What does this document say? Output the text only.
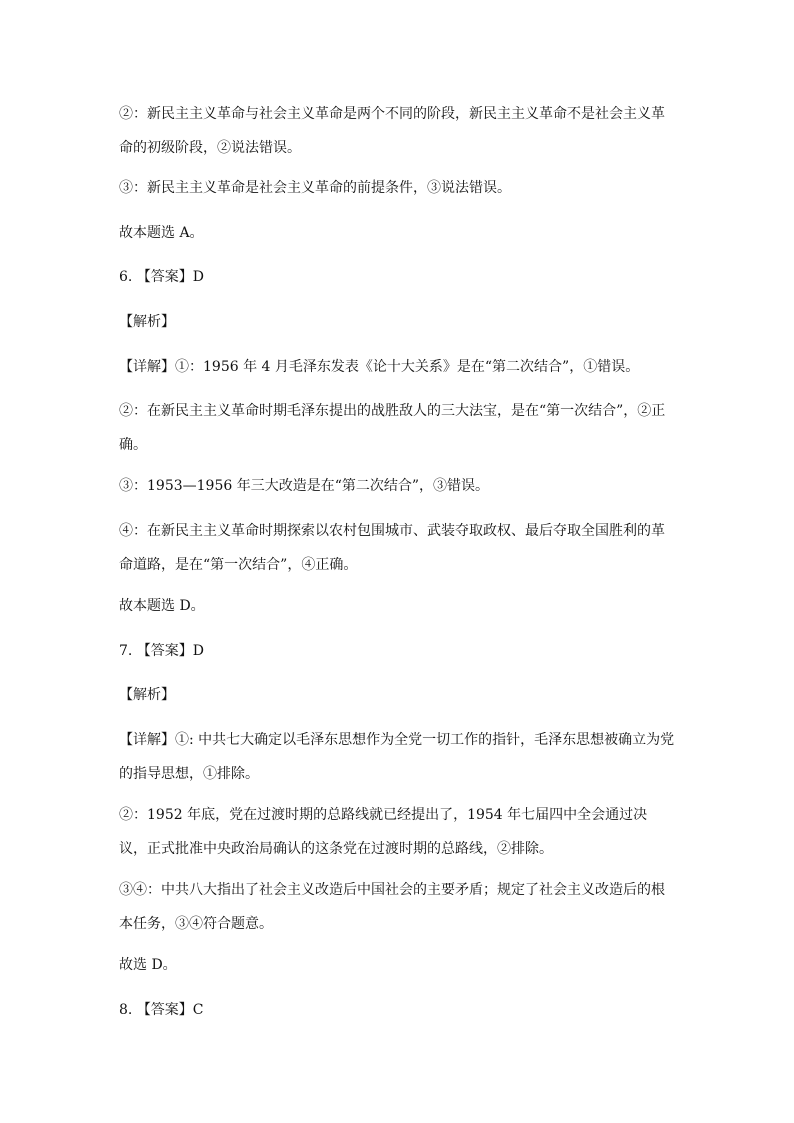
②：新民主主义革命与社会主义革命是两个不同的阶段，新民主主义革命不是社会主义革命的初级阶段，②说法错误。

③：新民主主义革命是社会主义革命的前提条件，③说法错误。

故本题选 A。

6. 【答案】D

【解析】

【详解】①：1956 年 4 月毛泽东发表《论十大关系》是在“第二次结合”，①错误。

②：在新民主主义革命时期毛泽东提出的战胜敌人的三大法宝，是在“第一次结合”，②正确。

③：1953—1956 年三大改造是在“第二次结合”，③错误。

④：在新民主主义革命时期探索以农村包围城市、武装夺取政权、最后夺取全国胜利的革命道路，是在“第一次结合”，④正确。

故本题选 D。

7. 【答案】D

【解析】

【详解】①: 中共七大确定以毛泽东思想作为全党一切工作的指针，毛泽东思想被确立为党的指导思想，①排除。

②：1952 年底，党在过渡时期的总路线就已经提出了，1954 年七届四中全会通过决议，正式批准中央政治局确认的这条党在过渡时期的总路线，②排除。

③④：中共八大指出了社会主义改造后中国社会的主要矛盾；规定了社会主义改造后的根本任务，③④符合题意。

故选 D。

8. 【答案】C
